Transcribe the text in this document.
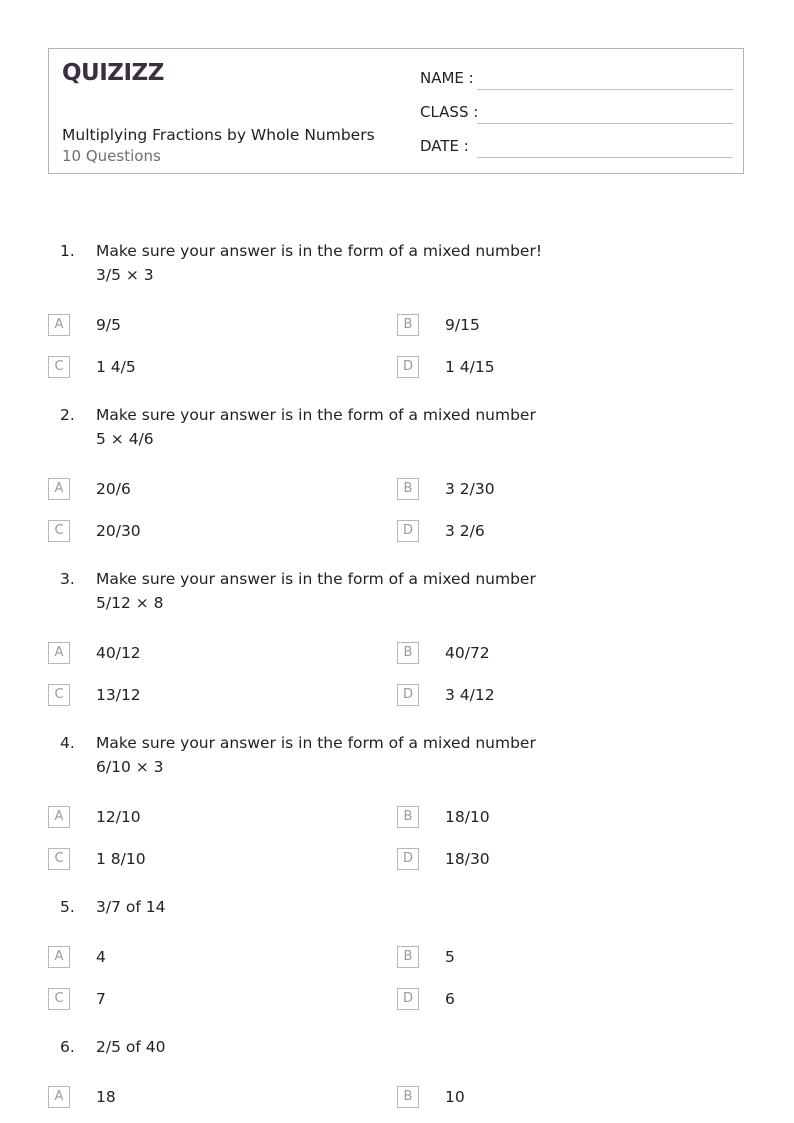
QUIZIZZ
Multiplying Fractions by Whole Numbers
10 Questions
NAME :
CLASS :
DATE :
1. Make sure your answer is in the form of a mixed number!
3/5 × 3
A	9/5	B	9/15
C	1 4/5	D	1 4/15
2. Make sure your answer is in the form of a mixed number
5 × 4/6
A	20/6	B	3 2/30
C	20/30	D	3 2/6
3. Make sure your answer is in the form of a mixed number
5/12 × 8
A	40/12	B	40/72
C	13/12	D	3 4/12
4. Make sure your answer is in the form of a mixed number
6/10 × 3
A	12/10	B	18/10
C	1 8/10	D	18/30
5. 3/7 of 14
A	4	B	5
C	7	D	6
6. 2/5 of 40
A	18	B	10
